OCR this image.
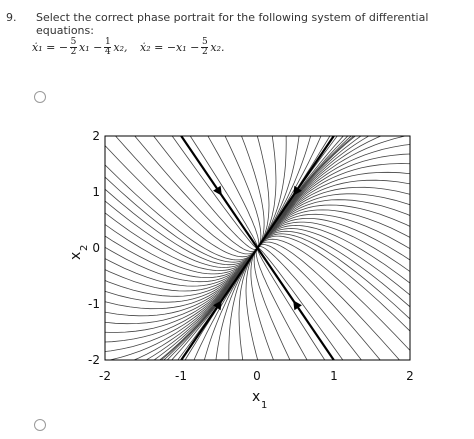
9. Select the correct phase portrait for the following system of differential equations:
ẋ₁ = − $\frac{5}{2} x_1 - \frac{1}{4} x_2$, ẋ₂ = $-x_1 - \frac{5}{2} x_2$.
-2	-1	0	1	2
2
1
0
-1
-2
x
1
x
2
